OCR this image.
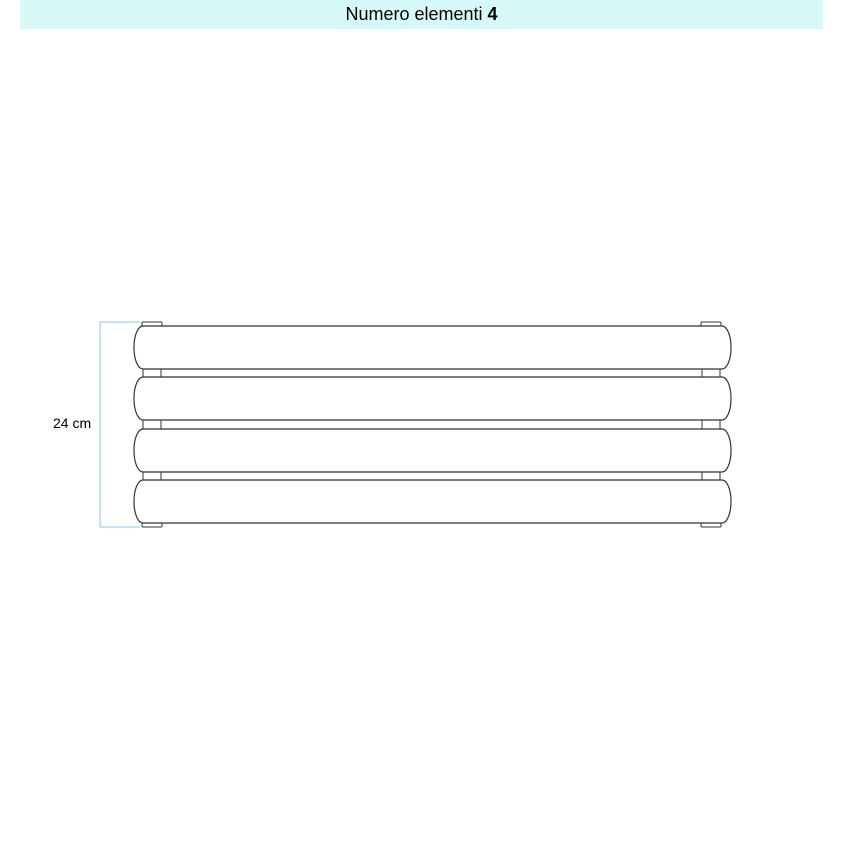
Numero elementi 4
24 cm
